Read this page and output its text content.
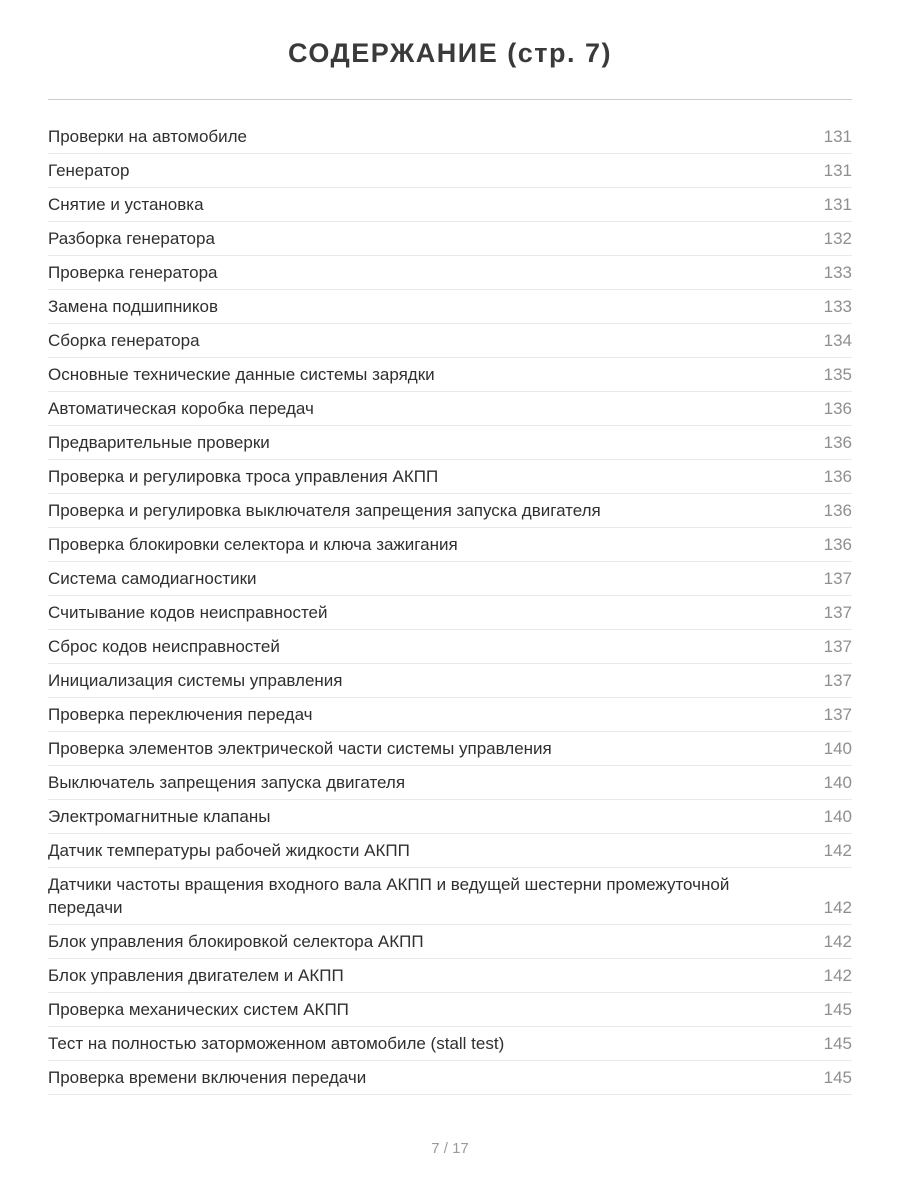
СОДЕРЖАНИЕ (стр. 7)
Проверки на автомобиле	131
Генератор	131
Снятие и установка	131
Разборка генератора	132
Проверка генератора	133
Замена подшипников	133
Сборка генератора	134
Основные технические данные системы зарядки	135
Автоматическая коробка передач	136
Предварительные проверки	136
Проверка и регулировка троса управления АКПП	136
Проверка и регулировка выключателя запрещения запуска двигателя	136
Проверка блокировки селектора и ключа зажигания	136
Система самодиагностики	137
Считывание кодов неисправностей	137
Сброс кодов неисправностей	137
Инициализация системы управления	137
Проверка переключения передач	137
Проверка элементов электрической части системы управления	140
Выключатель запрещения запуска двигателя	140
Электромагнитные клапаны	140
Датчик температуры рабочей жидкости АКПП	142
Датчики частоты вращения входного вала АКПП и ведущей шестерни промежуточной передачи	142
Блок управления блокировкой селектора АКПП	142
Блок управления двигателем и АКПП	142
Проверка механических систем АКПП	145
Тест на полностью заторможенном автомобиле (stall test)	145
Проверка времени включения передачи	145
7 / 17
